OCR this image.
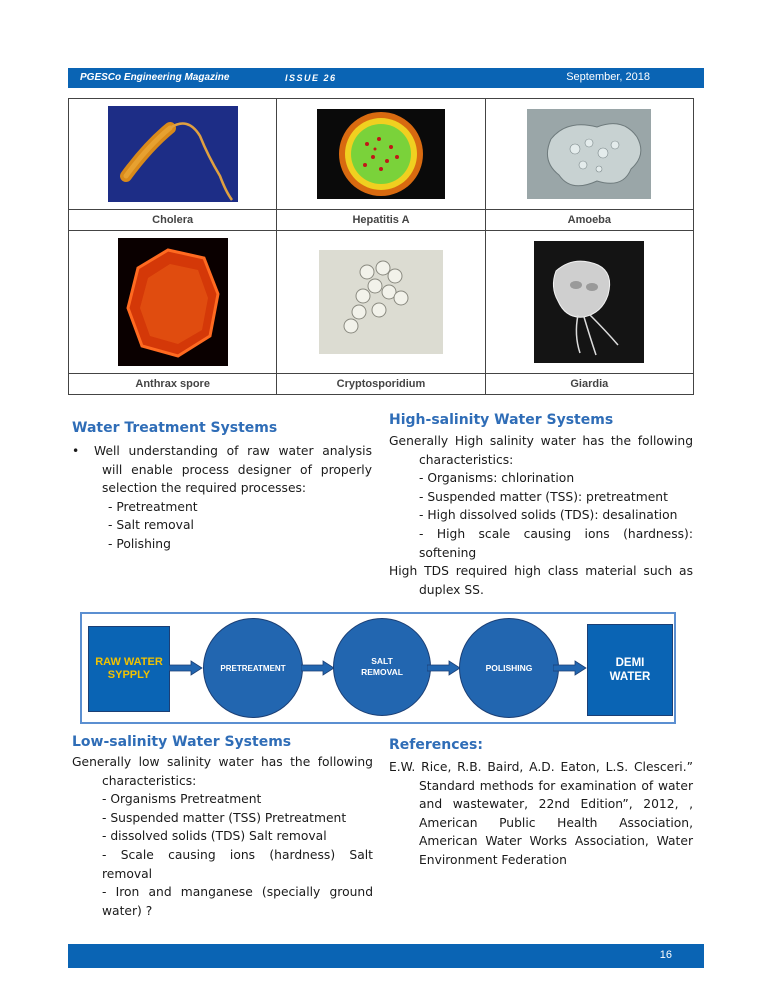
PGESCo Engineering Magazine	ISSUE 26	September, 2018

Cholera	Hepatitis A	Amoeba

Anthrax spore	Cryptosporidium	Giardia
Water Treatment Systems

• Well understanding of raw water analysis will enable process designer of properly selection the required processes:

- Pretreatment

- Salt removal

- Polishing

High-salinity Water Systems

Generally High salinity water has the following characteristics:

- Organisms: chlorination

- Suspended matter (TSS): pretreatment

- High dissolved solids (TDS): desalination

- High scale causing ions (hardness): softening

High TDS required high class material such as duplex SS.

RAW WATER SYPPLY
PRETREATMENT
SALT REMOVAL	POLISHING	DEMI WATER
Low-salinity Water Systems

Generally low salinity water has the following characteristics:

- Organisms Pretreatment

- Suspended matter (TSS) Pretreatment

- dissolved solids (TDS) Salt removal

- Scale causing ions (hardness) Salt removal

- Iron and manganese (specially ground water) ?

References:

E.W. Rice, R.B. Baird, A.D. Eaton, L.S. Clesceri.” Standard methods for examination of water and wastewater, 22nd Edition”, 2012, , American Public Health Association, American Water Works Association, Water Environment Federation

16
